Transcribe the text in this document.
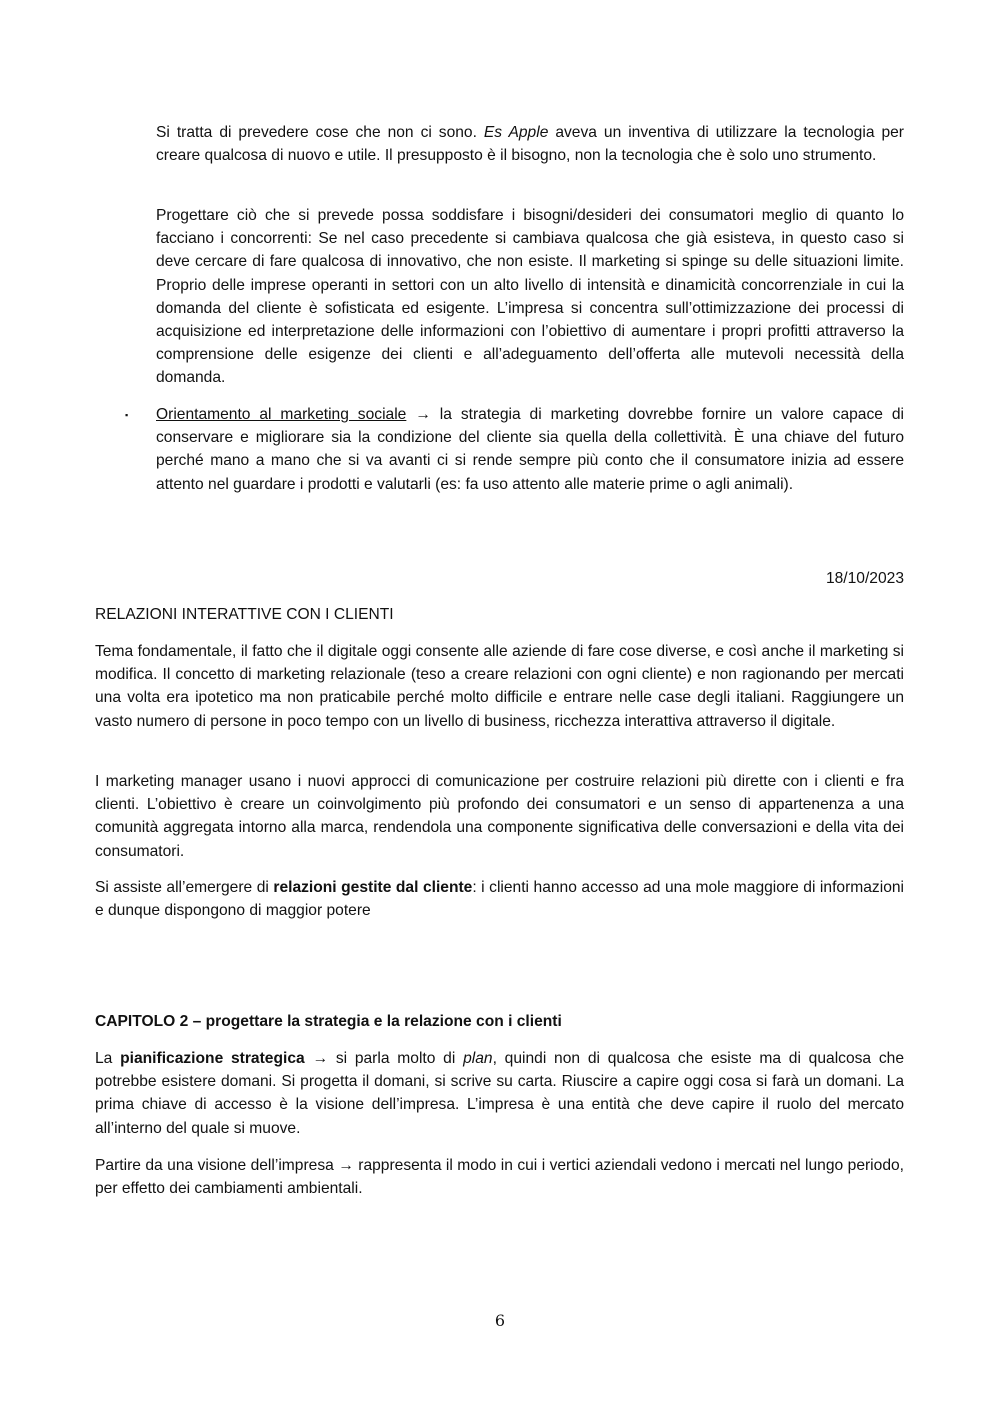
Si tratta di prevedere cose che non ci sono. Es Apple aveva un inventiva di utilizzare la tecnologia per creare qualcosa di nuovo e utile. Il presupposto è il bisogno, non la tecnologia che è solo uno strumento.

Progettare ciò che si prevede possa soddisfare i bisogni/desideri dei consumatori meglio di quanto lo facciano i concorrenti: Se nel caso precedente si cambiava qualcosa che già esisteva, in questo caso si deve cercare di fare qualcosa di innovativo, che non esiste. Il marketing si spinge su delle situazioni limite. Proprio delle imprese operanti in settori con un alto livello di intensità e dinamicità concorrenziale in cui la domanda del cliente è sofisticata ed esigente. L’impresa si concentra sull’ottimizzazione dei processi di acquisizione ed interpretazione delle informazioni con l’obiettivo di aumentare i propri profitti attraverso la comprensione delle esigenze dei clienti e all’adeguamento dell’offerta alle mutevoli necessità della domanda.

▪ Orientamento al marketing sociale → la strategia di marketing dovrebbe fornire un valore capace di conservare e migliorare sia la condizione del cliente sia quella della collettività. È una chiave del futuro perché mano a mano che si va avanti ci si rende sempre più conto che il consumatore inizia ad essere attento nel guardare i prodotti e valutarli (es: fa uso attento alle materie prime o agli animali).

18/10/2023

RELAZIONI INTERATTIVE CON I CLIENTI

Tema fondamentale, il fatto che il digitale oggi consente alle aziende di fare cose diverse, e così anche il marketing si modifica. Il concetto di marketing relazionale (teso a creare relazioni con ogni cliente) e non ragionando per mercati una volta era ipotetico ma non praticabile perché molto difficile e entrare nelle case degli italiani. Raggiungere un vasto numero di persone in poco tempo con un livello di business, ricchezza interattiva attraverso il digitale.

I marketing manager usano i nuovi approcci di comunicazione per costruire relazioni più dirette con i clienti e fra clienti. L’obiettivo è creare un coinvolgimento più profondo dei consumatori e un senso di appartenenza a una comunità aggregata intorno alla marca, rendendola una componente significativa delle conversazioni e della vita dei consumatori.

Si assiste all’emergere di relazioni gestite dal cliente: i clienti hanno accesso ad una mole maggiore di informazioni e dunque dispongono di maggior potere

CAPITOLO 2 – progettare la strategia e la relazione con i clienti

La pianificazione strategica → si parla molto di plan, quindi non di qualcosa che esiste ma di qualcosa che potrebbe esistere domani. Si progetta il domani, si scrive su carta. Riuscire a capire oggi cosa si farà un domani. La prima chiave di accesso è la visione dell’impresa. L’impresa è una entità che deve capire il ruolo del mercato all’interno del quale si muove.

Partire da una visione dell’impresa → rappresenta il modo in cui i vertici aziendali vedono i mercati nel lungo periodo, per effetto dei cambiamenti ambientali.

6
